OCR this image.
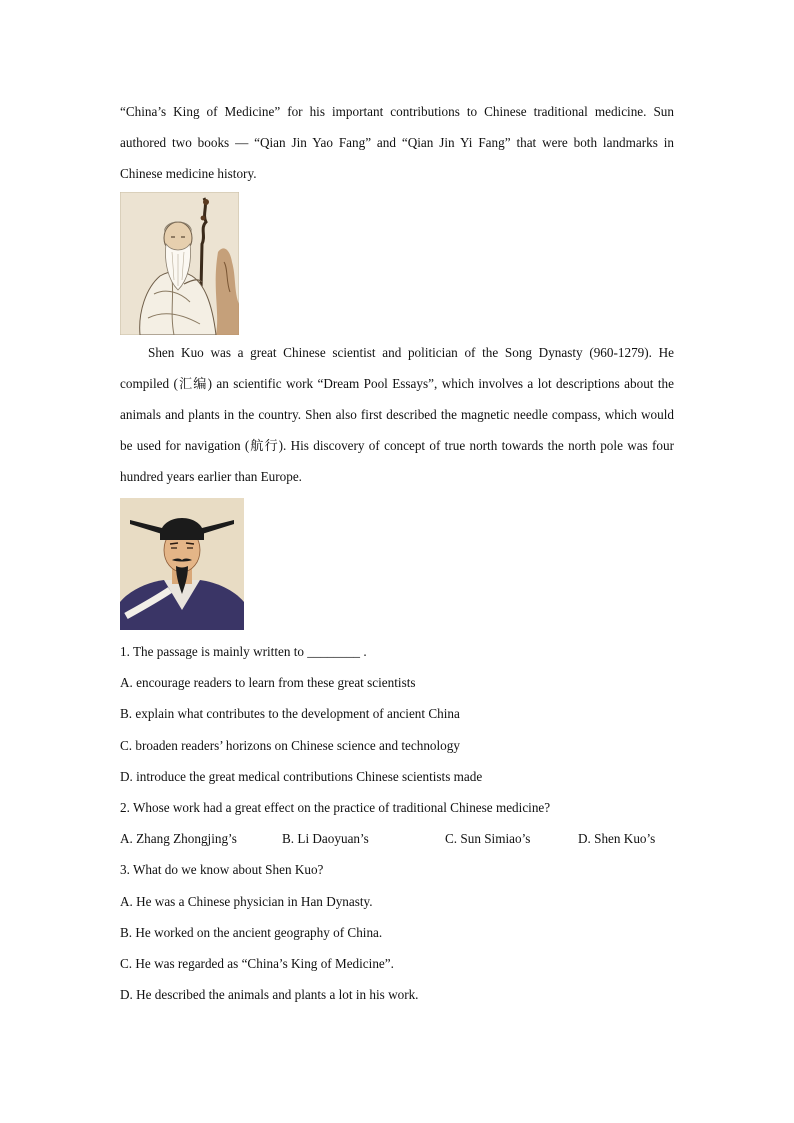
“China’s King of Medicine” for his important contributions to Chinese traditional medicine. Sun authored two books — “Qian Jin Yao Fang” and “Qian Jin Yi Fang” that were both landmarks in Chinese medicine history.

Shen Kuo was a great Chinese scientist and politician of the Song Dynasty (960-1279). He compiled (汇编) an scientific work “Dream Pool Essays”, which involves a lot descriptions about the animals and plants in the country. Shen also first described the magnetic needle compass, which would be used for navigation (航行). His discovery of concept of true north towards the north pole was four hundred years earlier than Europe.

1. The passage is mainly written to ________ .

A. encourage readers to learn from these great scientists

B. explain what contributes to the development of ancient China

C. broaden readers’ horizons on Chinese science and technology

D. introduce the great medical contributions Chinese scientists made

2. Whose work had a great effect on the practice of traditional Chinese medicine?

A. Zhang Zhongjing’s	B. Li Daoyuan’s	C. Sun Simiao’s	D. Shen Kuo’s

3. What do we know about Shen Kuo?

A. He was a Chinese physician in Han Dynasty.

B. He worked on the ancient geography of China.

C. He was regarded as “China’s King of Medicine”.

D. He described the animals and plants a lot in his work.
